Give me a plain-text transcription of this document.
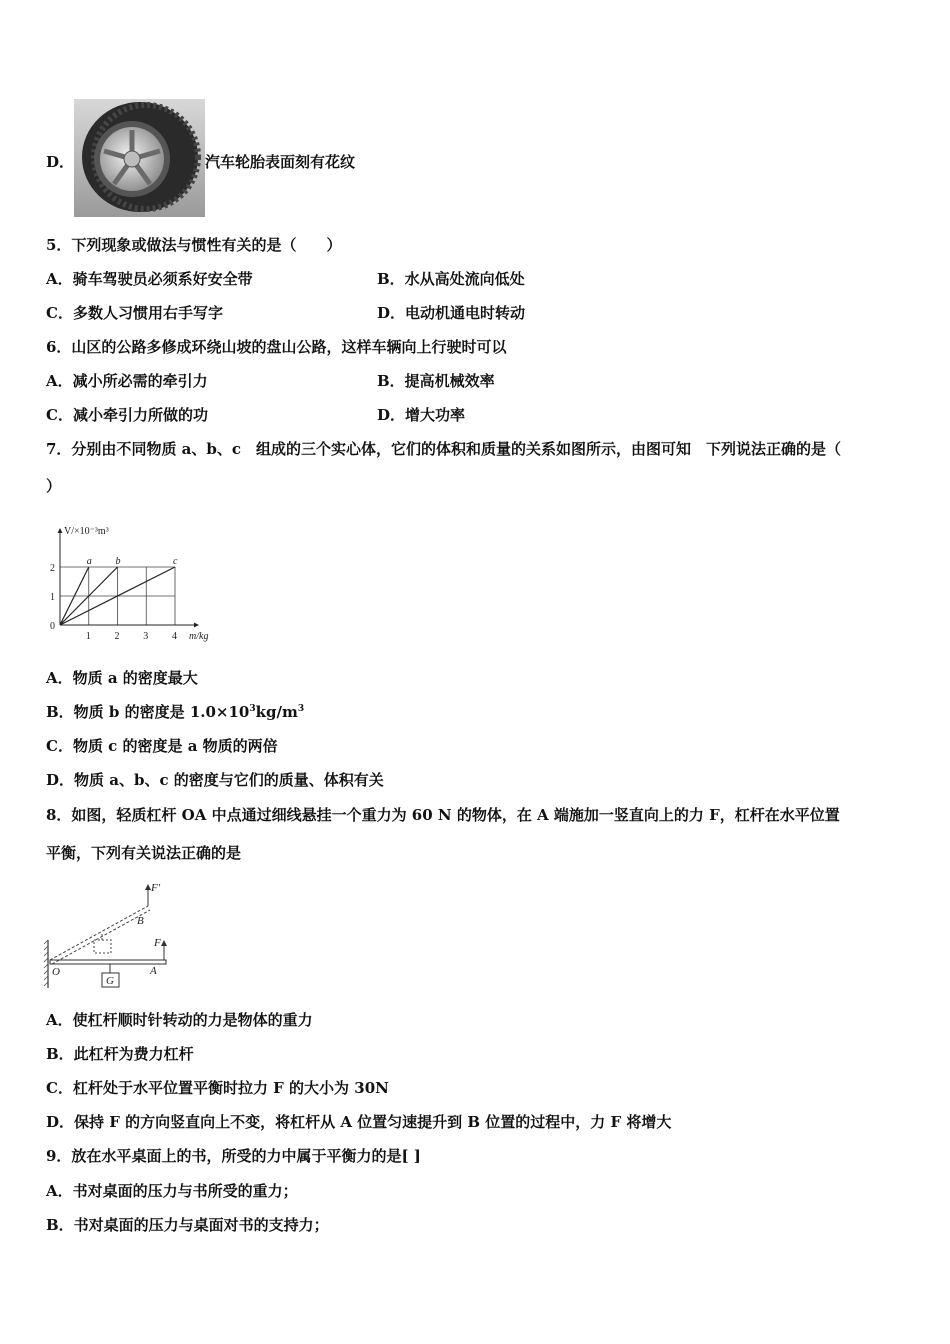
D．	汽车轮胎表面刻有花纹
5．下列现象或做法与惯性有关的是（　　）
A．骑车驾驶员必须系好安全带	B．水从高处流向低处
C．多数人习惯用右手写字	D．电动机通电时转动
6．山区的公路多修成环绕山坡的盘山公路，这样车辆向上行驶时可以
A．减小所必需的牵引力	B．提高机械效率
C．减小牵引力所做的功	D．增大功率
7．分别由不同物质 a、b、c　组成的三个实心体，它们的体积和质量的关系如图所示，由图可知　下列说法正确的是（
）
a b	c
0
1 2 3 4
1
2
m/kg
V/×10⁻³m³
A．物质 a 的密度最大
B．物质 b 的密度是 $1.0\times 10^3kg/m^3$
C．物质 c 的密度是 a 物质的两倍
D．物质 a、b、c 的密度与它们的质量、体积有关
8．如图，轻质杠杆 OA 中点通过细线悬挂一个重力为 60 N 的物体，在 A 端施加一竖直向上的力 F，杠杆在水平位置
平衡，下列有关说法正确的是
O	A
B
F
F′
G
A．使杠杆顺时针转动的力是物体的重力
B．此杠杆为费力杠杆
C．杠杆处于水平位置平衡时拉力 F 的大小为 30N
D．保持 F 的方向竖直向上不变，将杠杆从 A 位置匀速提升到 B 位置的过程中，力 F 将增大
9．放在水平桌面上的书，所受的力中属于平衡力的是[ ]
A．书对桌面的压力与书所受的重力；
B．书对桌面的压力与桌面对书的支持力；
